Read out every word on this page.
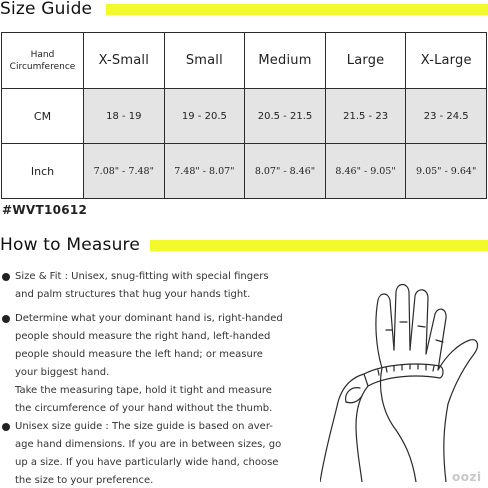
Size Guide
Hand
Circumference	X-Small	Small	Medium	Large	X-Large
CM	18 - 19	19 - 20.5	20.5 - 21.5	21.5 - 23	23 - 24.5
Inch	7.08" - 7.48"	7.48" - 8.07"	8.07" - 8.46"	8.46" - 9.05"	9.05" - 9.64"
#WVT10612
How to Measure

Size & Fit : Unisex, snug-fitting with special fingers
and palm structures that hug your hands tight.

Determine what your dominant hand is, right-handed
people should measure the right hand, left-handed
people should measure the left hand; or measure
your biggest hand.
Take the measuring tape, hold it tight and measure
the circumference of your hand without the thumb.

Unisex size guide : The size guide is based on aver-
age hand dimensions. If you are in between sizes, go
up a size. If you have particularly wide hand, choose
the size to your preference.	oozi
